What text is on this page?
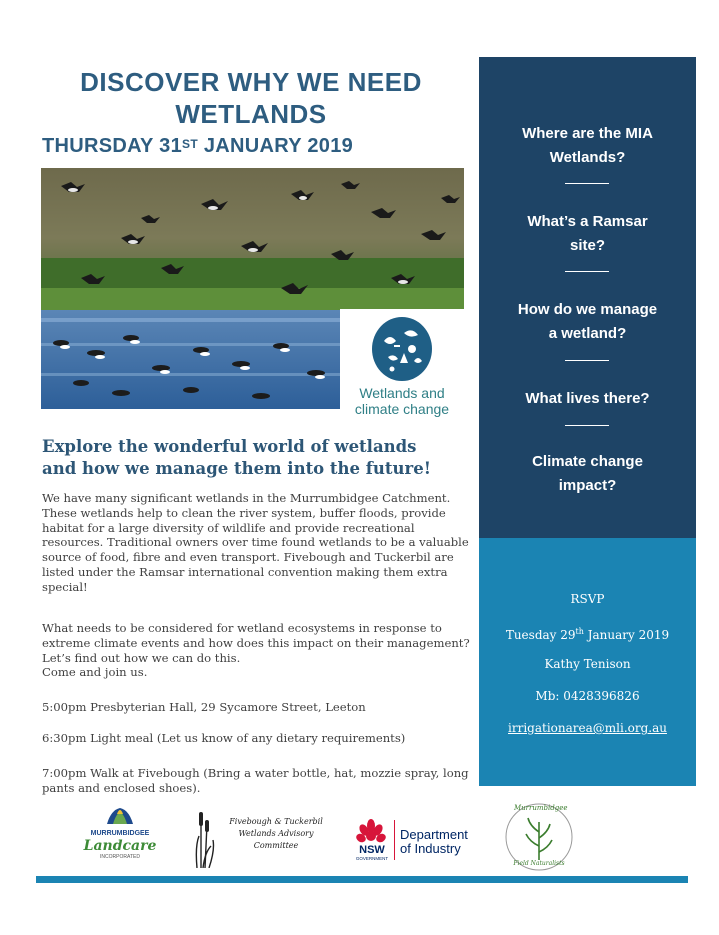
DISCOVER WHY WE NEED
WETLANDS
THURSDAY 31ST JANUARY 2019
Wetlands and
climate change
Explore the wonderful world of wetlands
and how we manage them into the future!
We have many significant wetlands in the Murrumbidgee Catchment. These wetlands help to clean the river system, buffer floods, provide habitat for a large diversity of wildlife and provide recreational resources. Traditional owners over time found wetlands to be a valuable source of food, fibre and even transport. Fivebough and Tuckerbil are listed under the Ramsar international convention making them extra special!
What needs to be considered for wetland ecosystems in response to extreme climate events and how does this impact on their management? Let’s find out how we can do this.
Come and join us.
5:00pm Presbyterian Hall, 29 Sycamore Street, Leeton
6:30pm Light meal (Let us know of any dietary requirements)
7:00pm Walk at Fivebough (Bring a water bottle, hat, mozzie spray, long pants and enclosed shoes).
Where are the MIA
Wetlands?
What’s a Ramsar
site?
How do we manage
a wetland?
What lives there?
Climate change
impact?
RSVP
Tuesday 29th January 2019
Kathy Tenison
Mb: 0428396826
irrigationarea@mli.org.au
MURRUMBIDGEE
Landcare
INCORPORATED
Fivebough & Tuckerbil
Wetlands Advisory
Committee	NSW
GOVERNMENT
Department
of Industry
Murrumbidgee
Field Naturalists
